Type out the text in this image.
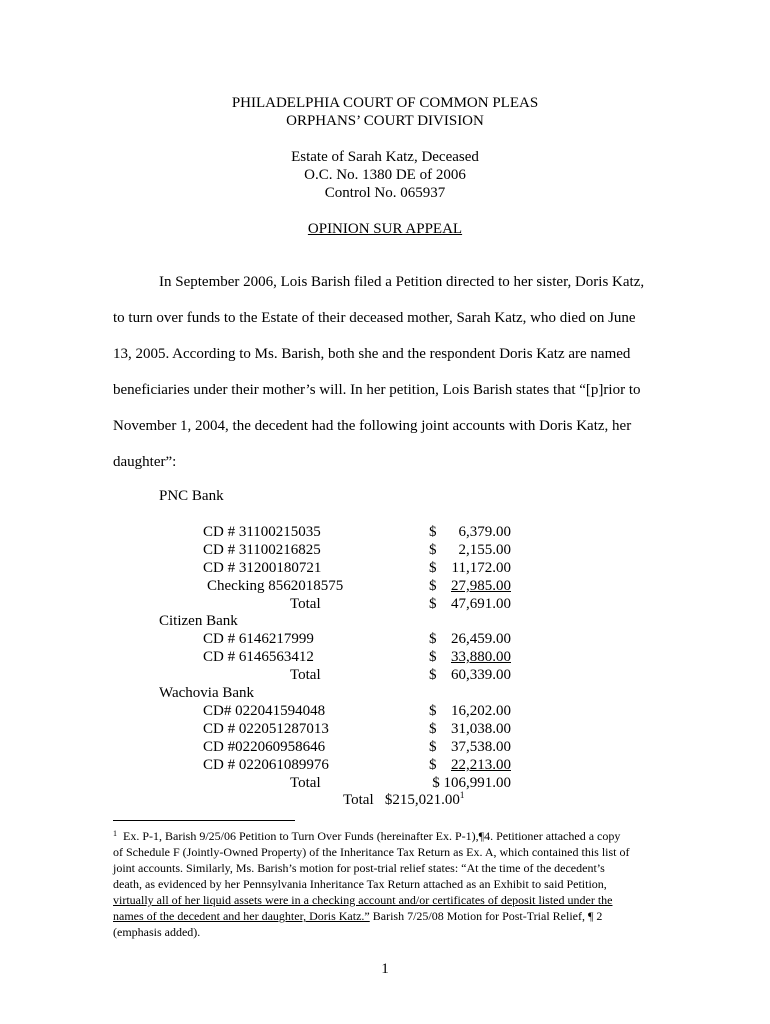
PHILADELPHIA COURT OF COMMON PLEAS
ORPHANS’ COURT DIVISION
Estate of Sarah Katz, Deceased
O.C. No. 1380 DE of 2006
Control No. 065937
OPINION SUR APPEAL
In September 2006, Lois Barish filed a Petition directed to her sister, Doris Katz,
to turn over funds to the Estate of their deceased mother, Sarah Katz, who died on June
13, 2005. According to Ms. Barish, both she and the respondent Doris Katz are named
beneficiaries under their mother’s will. In her petition, Lois Barish states that “[p]rior to
November 1, 2004, the decedent had the following joint accounts with Doris Katz, her
daughter”:
PNC Bank
CD # 31100215035	$ 6,379.00
CD # 31100216825	$ 2,155.00
CD # 31200180721	$ 11,172.00
Checking 8562018575	$ 27,985.00
Total	$ 47,691.00
Citizen Bank
CD # 6146217999	$ 26,459.00
CD # 6146563412	$ 33,880.00
Total	$ 60,339.00
Wachovia Bank
CD# 022041594048	$ 16,202.00
CD # 022051287013	$ 31,038.00
CD #022060958646	$ 37,538.00
CD # 022061089976	$ 22,213.00
Total	$ 106,991.00
Total $215,021.00$^1$
$^1$ Ex. P-1, Barish 9/25/06 Petition to Turn Over Funds (hereinafter Ex. P-1),¶4. Petitioner attached a copy
of Schedule F (Jointly-Owned Property) of the Inheritance Tax Return as Ex. A, which contained this list of
joint accounts. Similarly, Ms. Barish’s motion for post-trial relief states: “At the time of the decedent’s
death, as evidenced by her Pennsylvania Inheritance Tax Return attached as an Exhibit to said Petition,
virtually all of her liquid assets were in a checking account and/or certificates of deposit listed under the
names of the decedent and her daughter, Doris Katz.” Barish 7/25/08 Motion for Post-Trial Relief, ¶ 2
(emphasis added).
1
